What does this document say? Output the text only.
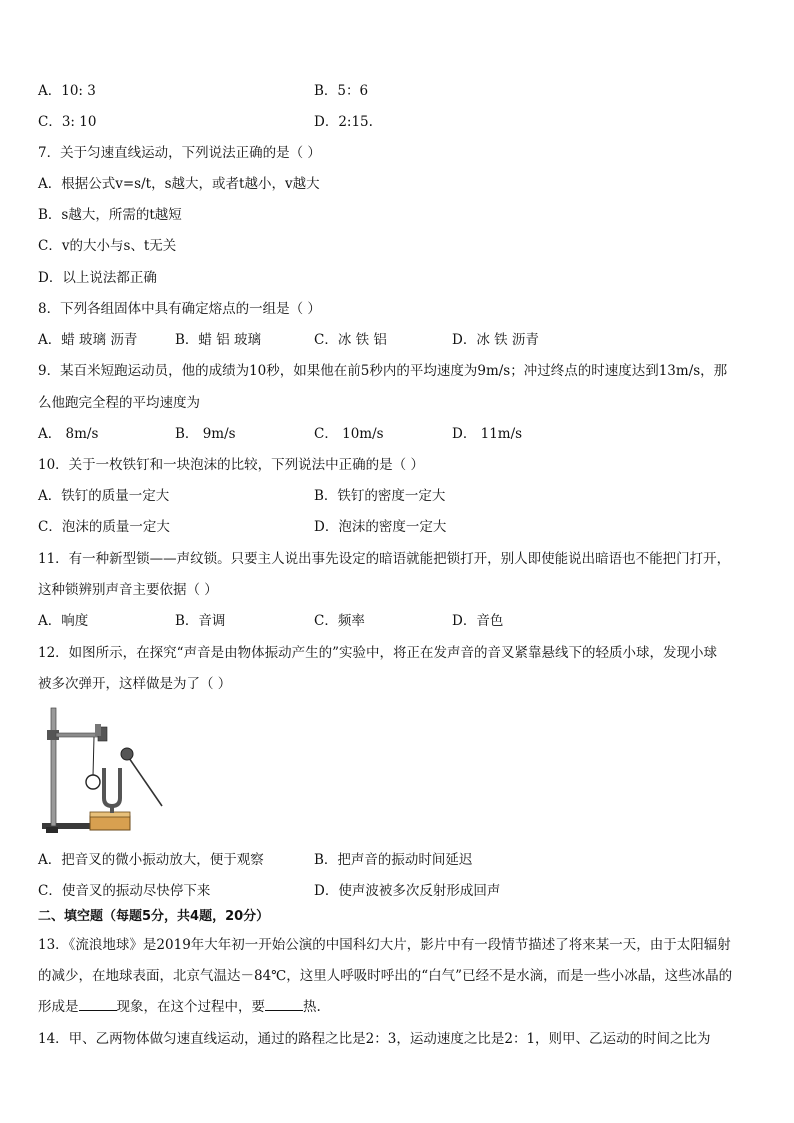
A．10: 3	B．5：6
C．3: 10	D．2:15.
7．关于匀速直线运动，下列说法正确的是（ ）
A．根据公式v=s/t，s越大，或者t越小，v越大
B．s越大，所需的t越短
C．v的大小与s、t无关
D．以上说法都正确
8．下列各组固体中具有确定熔点的一组是（ ）
A．蜡 玻璃 沥青	B．蜡 铝 玻璃	C．冰 铁 铝	D．冰 铁 沥青
9．某百米短跑运动员，他的成绩为10秒，如果他在前5秒内的平均速度为9m/s；冲过终点的时速度达到13m/s，那
么他跑完全程的平均速度为
A． 8m/s	B． 9m/s	C． 10m/s	D． 11m/s
10．关于一枚铁钉和一块泡沫的比较，下列说法中正确的是（ ）
A．铁钉的质量一定大	B．铁钉的密度一定大
C．泡沫的质量一定大	D．泡沫的密度一定大
11．有一种新型锁——声纹锁。只要主人说出事先设定的暗语就能把锁打开，别人即使能说出暗语也不能把门打开，
这种锁辨别声音主要依据（ ）
A．响度	B．音调	C．频率	D．音色
12．如图所示，在探究“声音是由物体振动产生的”实验中，将正在发声音的音叉紧靠悬线下的轻质小球，发现小球
被多次弹开，这样做是为了（ ）
A．把音叉的微小振动放大，便于观察	B．把声音的振动时间延迟
C．使音叉的振动尽快停下来	D．使声波被多次反射形成回声
二、填空题（每题5分，共4题，20分）
13．《流浪地球》是2019年大年初一开始公演的中国科幻大片，影片中有一段情节描述了将来某一天，由于太阳辐射
的减少，在地球表面，北京气温达－84℃，这里人呼吸时呼出的“白气”已经不是水滴，而是一些小冰晶，这些冰晶的
形成是	现象，在这个过程中，要	热.
14．甲、乙两物体做匀速直线运动，通过的路程之比是2：3，运动速度之比是2：1，则甲、乙运动的时间之比为
